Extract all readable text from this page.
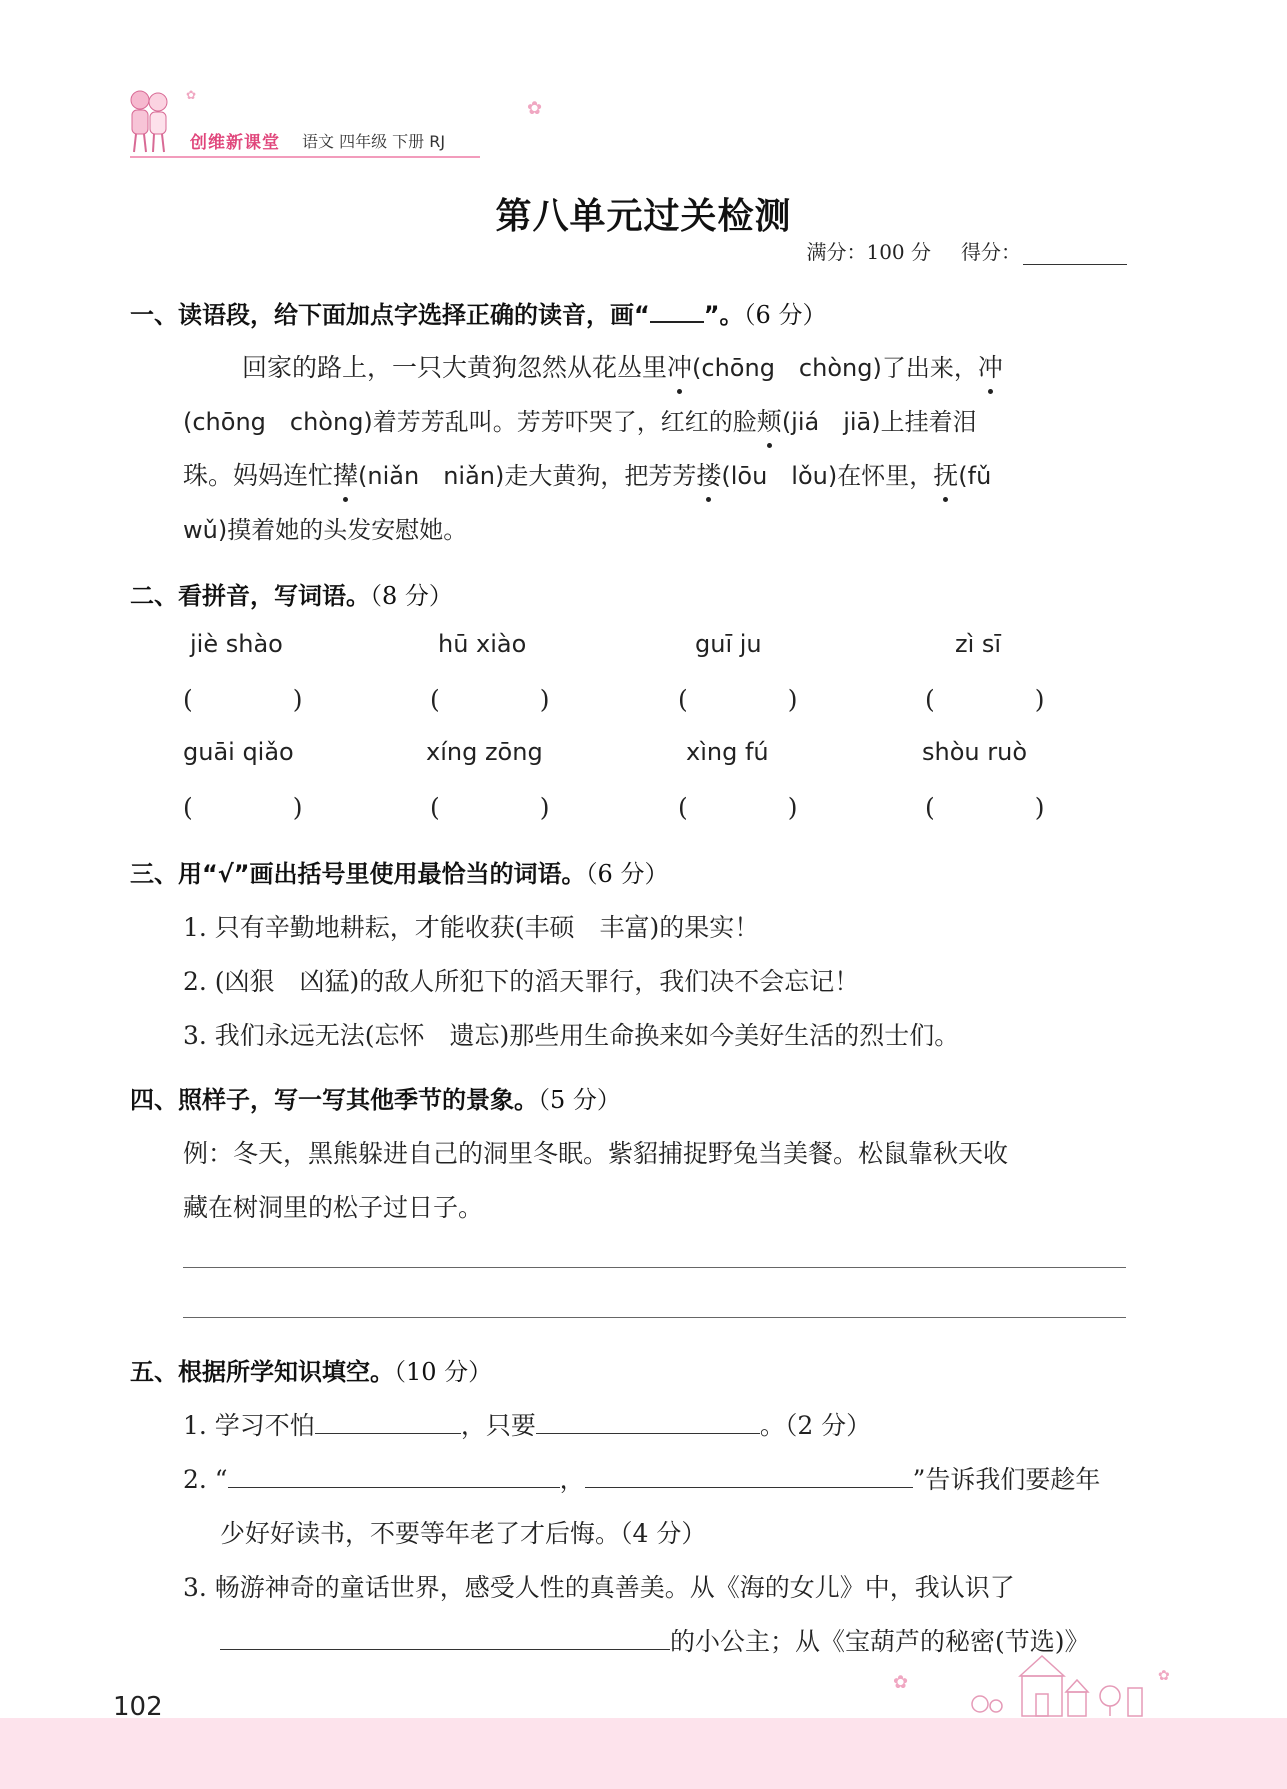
创维新课堂 语文 四年级 下册 RJ
✿
✿
第八单元过关检测
满分：100 分 得分：
一、读语段，给下面加点字选择正确的读音，画“ ”。（6 分）
回家的路上，一只大黄狗忽然从花丛里冲(chōng　chòng)了出来，冲
(chōng　chòng)着芳芳乱叫。芳芳吓哭了，红红的脸颊(jiá　jiā)上挂着泪
珠。妈妈连忙撵(niǎn　niǎn)走大黄狗，把芳芳搂(lōu　lǒu)在怀里，抚(fǔ
wǔ)摸着她的头发安慰她。
二、看拼音，写词语。（8 分）
jiè shào	hū xiào	guī ju	zì sī
(　　　　)	(　　　　)	(　　　　)	(　　　　)
guāi qiǎo	xíng zōng	xìng fú	shòu ruò
(　　　　)	(　　　　)	(　　　　)	(　　　　)
三、用“√”画出括号里使用最恰当的词语。（6 分）
1. 只有辛勤地耕耘，才能收获(丰硕　丰富)的果实！
2. (凶狠　凶猛)的敌人所犯下的滔天罪行，我们决不会忘记！
3. 我们永远无法(忘怀　遗忘)那些用生命换来如今美好生活的烈士们。
四、照样子，写一写其他季节的景象。（5 分）
例：冬天，黑熊躲进自己的洞里冬眠。紫貂捕捉野兔当美餐。松鼠靠秋天收
藏在树洞里的松子过日子。
五、根据所学知识填空。（10 分）
1. 学习不怕	，只要	。（2 分）
2. “	，	”告诉我们要趁年
少好好读书，不要等年老了才后悔。（4 分）
3. 畅游神奇的童话世界，感受人性的真善美。从《海的女儿》中，我认识了
的小公主；从《宝葫芦的秘密(节选)》
✿	✿
102
